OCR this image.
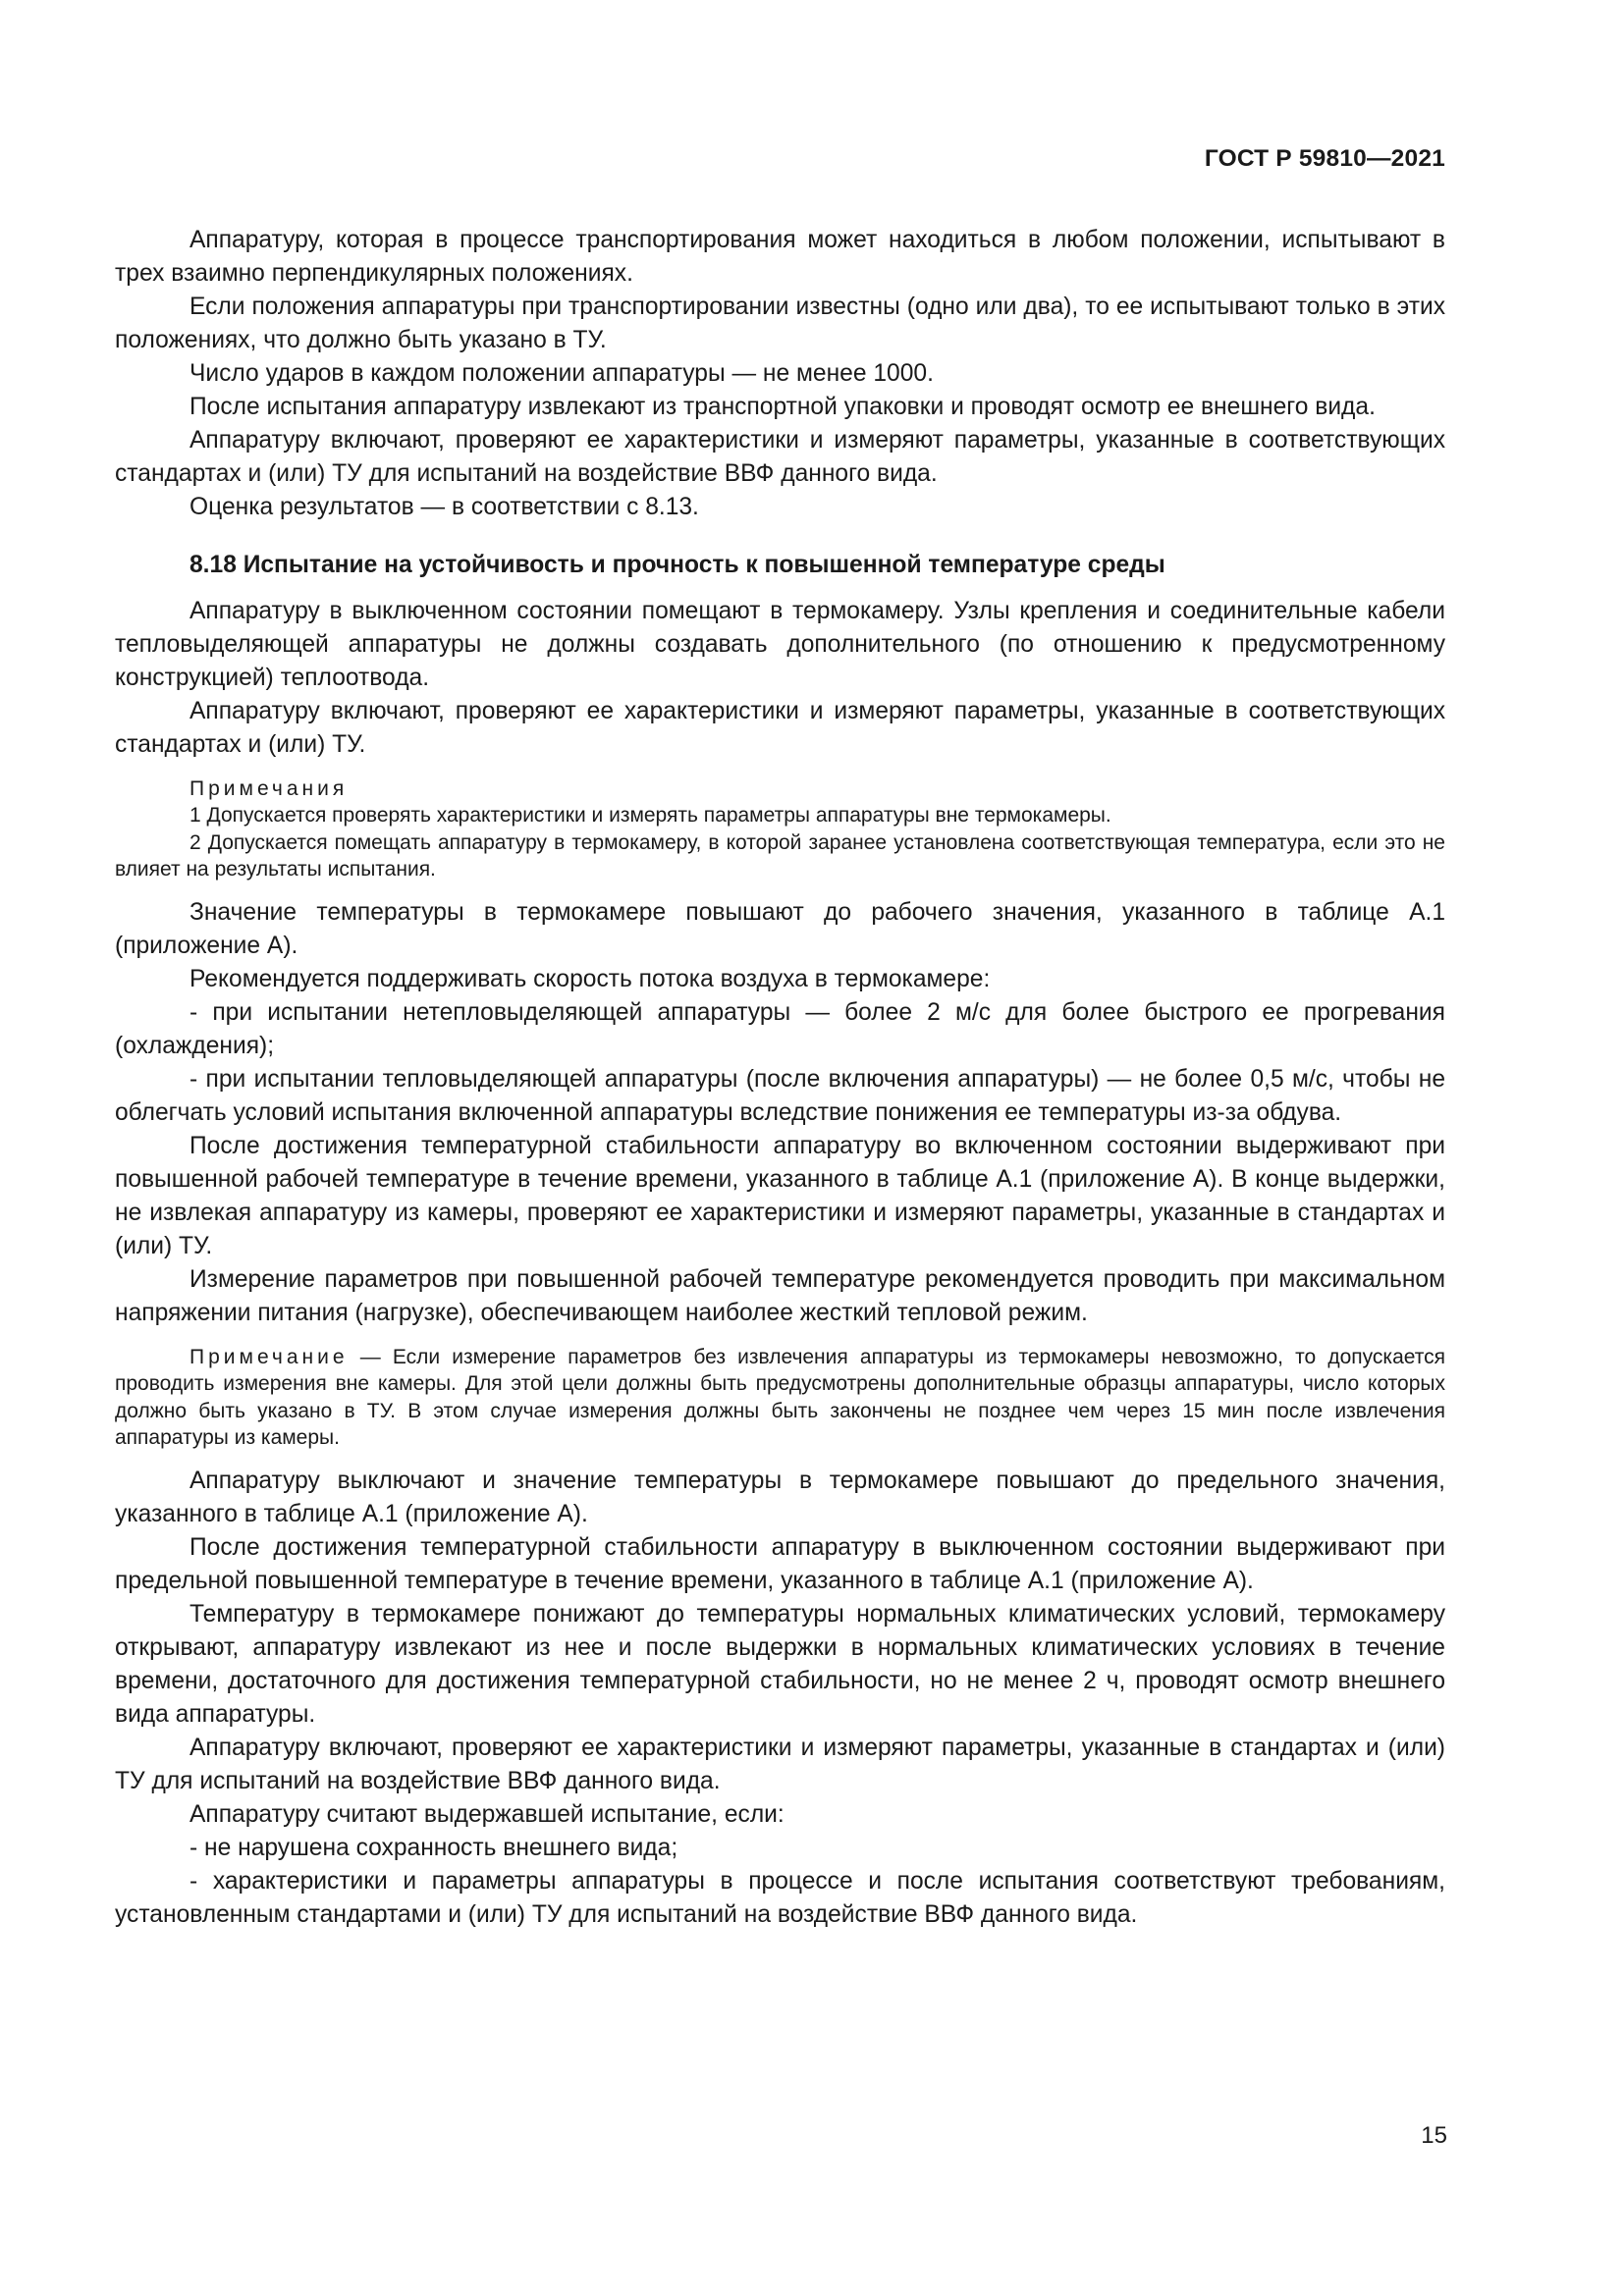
ГОСТ Р 59810—2021

Аппаратуру, которая в процессе транспортирования может находиться в любом положении, испытывают в трех взаимно перпендикулярных положениях.

Если положения аппаратуры при транспортировании известны (одно или два), то ее испытывают только в этих положениях, что должно быть указано в ТУ.

Число ударов в каждом положении аппаратуры — не менее 1000.

После испытания аппаратуру извлекают из транспортной упаковки и проводят осмотр ее внешнего вида.

Аппаратуру включают, проверяют ее характеристики и измеряют параметры, указанные в соответствующих стандартах и (или) ТУ для испытаний на воздействие ВВФ данного вида.

Оценка результатов — в соответствии с 8.13.

8.18 Испытание на устойчивость и прочность к повышенной температуре среды

Аппаратуру в выключенном состоянии помещают в термокамеру. Узлы крепления и соединительные кабели тепловыделяющей аппаратуры не должны создавать дополнительного (по отношению к предусмотренному конструкцией) теплоотвода.

Аппаратуру включают, проверяют ее характеристики и измеряют параметры, указанные в соответствующих стандартах и (или) ТУ.

Примечания

1 Допускается проверять характеристики и измерять параметры аппаратуры вне термокамеры.

2 Допускается помещать аппаратуру в термокамеру, в которой заранее установлена соответствующая температура, если это не влияет на результаты испытания.

Значение температуры в термокамере повышают до рабочего значения, указанного в таблице А.1 (приложение А).

Рекомендуется поддерживать скорость потока воздуха в термокамере:

- при испытании нетепловыделяющей аппаратуры — более 2 м/с для более быстрого ее прогревания (охлаждения);

- при испытании тепловыделяющей аппаратуры (после включения аппаратуры) — не более 0,5 м/с, чтобы не облегчать условий испытания включенной аппаратуры вследствие понижения ее температуры из-за обдува.

После достижения температурной стабильности аппаратуру во включенном состоянии выдерживают при повышенной рабочей температуре в течение времени, указанного в таблице А.1 (приложение А). В конце выдержки, не извлекая аппаратуру из камеры, проверяют ее характеристики и измеряют параметры, указанные в стандартах и (или) ТУ.

Измерение параметров при повышенной рабочей температуре рекомендуется проводить при максимальном напряжении питания (нагрузке), обеспечивающем наиболее жесткий тепловой режим.

Примечание — Если измерение параметров без извлечения аппаратуры из термокамеры невозможно, то допускается проводить измерения вне камеры. Для этой цели должны быть предусмотрены дополнительные образцы аппаратуры, число которых должно быть указано в ТУ. В этом случае измерения должны быть закончены не позднее чем через 15 мин после извлечения аппаратуры из камеры.

Аппаратуру выключают и значение температуры в термокамере повышают до предельного значения, указанного в таблице А.1 (приложение А).

После достижения температурной стабильности аппаратуру в выключенном состоянии выдерживают при предельной повышенной температуре в течение времени, указанного в таблице А.1 (приложение А).

Температуру в термокамере понижают до температуры нормальных климатических условий, термокамеру открывают, аппаратуру извлекают из нее и после выдержки в нормальных климатических условиях в течение времени, достаточного для достижения температурной стабильности, но не менее 2 ч, проводят осмотр внешнего вида аппаратуры.

Аппаратуру включают, проверяют ее характеристики и измеряют параметры, указанные в стандартах и (или) ТУ для испытаний на воздействие ВВФ данного вида.

Аппаратуру считают выдержавшей испытание, если:

- не нарушена сохранность внешнего вида;

- характеристики и параметры аппаратуры в процессе и после испытания соответствуют требованиям, установленным стандартами и (или) ТУ для испытаний на воздействие ВВФ данного вида.

15
